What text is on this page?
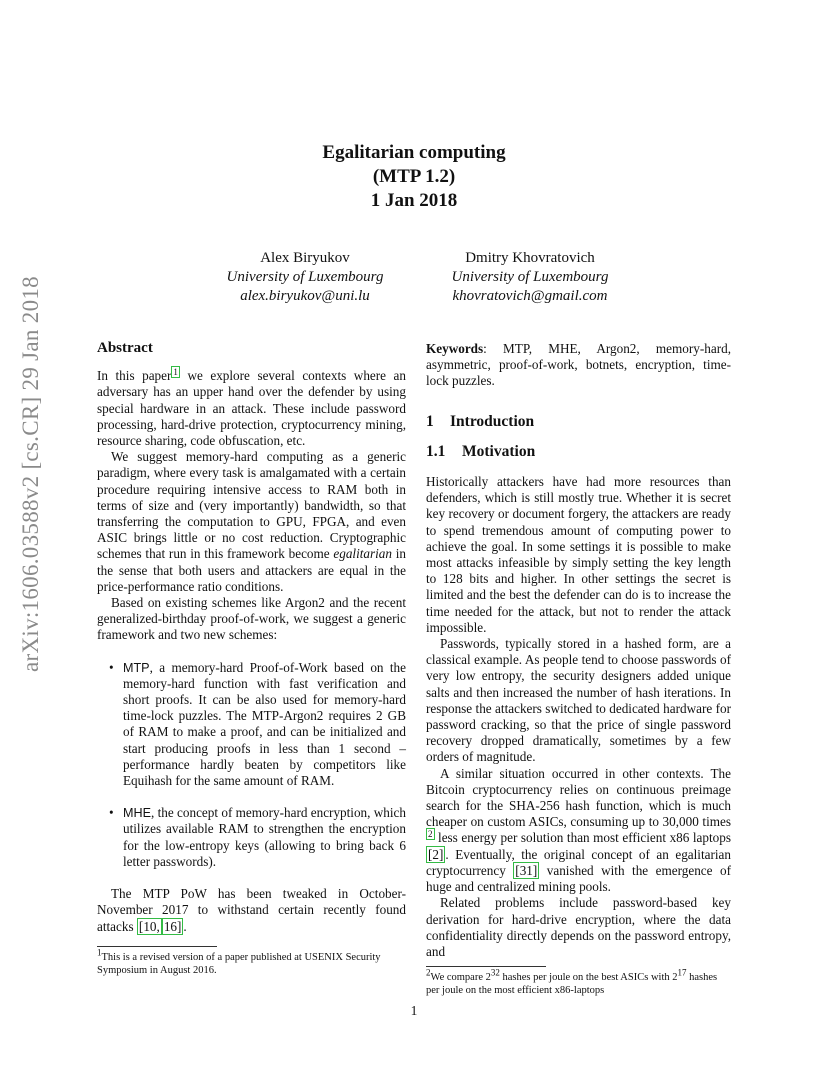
arXiv:1606.03588v2 [cs.CR] 29 Jan 2018
Egalitarian computing
(MTP 1.2)
1 Jan 2018
Alex Biryukov
University of Luxembourg
alex.biryukov@uni.lu
Dmitry Khovratovich
University of Luxembourg
khovratovich@gmail.com
Abstract

In this paper $^1$ we explore several contexts where an adversary has an upper hand over the defender by using special hardware in an attack. These include password processing, hard-drive protection, cryptocurrency mining, resource sharing, code obfuscation, etc.

We suggest memory-hard computing as a generic paradigm, where every task is amalgamated with a certain procedure requiring intensive access to RAM both in terms of size and (very importantly) bandwidth, so that transferring the computation to GPU, FPGA, and even ASIC brings little or no cost reduction. Cryptographic schemes that run in this framework become egalitarian in the sense that both users and attackers are equal in the price-performance ratio conditions.

Based on existing schemes like Argon2 and the recent generalized-birthday proof-of-work, we suggest a generic framework and two new schemes:

• MTP, a memory-hard Proof-of-Work based on the memory-hard function with fast verification and short proofs. It can be also used for memory-hard time-lock puzzles. The MTP-Argon2 requires 2 GB of RAM to make a proof, and can be initialized and start producing proofs in less than 1 second – performance hardly beaten by competitors like Equihash for the same amount of RAM.
• MHE, the concept of memory-hard encryption, which utilizes available RAM to strengthen the encryption for the low-entropy keys (allowing to bring back 6 letter passwords).

The MTP PoW has been tweaked in October-November 2017 to withstand certain recently found attacks [10, 16] .

$^1$This is a revised version of a paper published at USENIX Security Symposium in August 2016.

Keywords: MTP, MHE, Argon2, memory-hard, asymmetric, proof-of-work, botnets, encryption, time-lock puzzles.

1 Introduction
1.1 Motivation

Historically attackers have had more resources than defenders, which is still mostly true. Whether it is secret key recovery or document forgery, the attackers are ready to spend tremendous amount of computing power to achieve the goal. In some settings it is possible to make most attacks infeasible by simply setting the key length to 128 bits and higher. In other settings the secret is limited and the best the defender can do is to increase the time needed for the attack, but not to render the attack impossible.

Passwords, typically stored in a hashed form, are a classical example. As people tend to choose passwords of very low entropy, the security designers added unique salts and then increased the number of hash iterations. In response the attackers switched to dedicated hardware for password cracking, so that the price of single password recovery dropped dramatically, sometimes by a few orders of magnitude.

A similar situation occurred in other contexts. The Bitcoin cryptocurrency relies on continuous preimage search for the SHA-256 hash function, which is much cheaper on custom ASICs, consuming up to 30,000 times $^2$ less energy per solution than most efficient x86 laptops [2] . Eventually, the original concept of an egalitarian cryptocurrency [31] vanished with the emergence of huge and centralized mining pools.

Related problems include password-based key derivation for hard-drive encryption, where the data confidentiality directly depends on the password entropy, and

$^2$We compare $2^{32}$ hashes per joule on the best ASICs with $2^{17}$ hashes per joule on the most efficient x86-laptops

1
